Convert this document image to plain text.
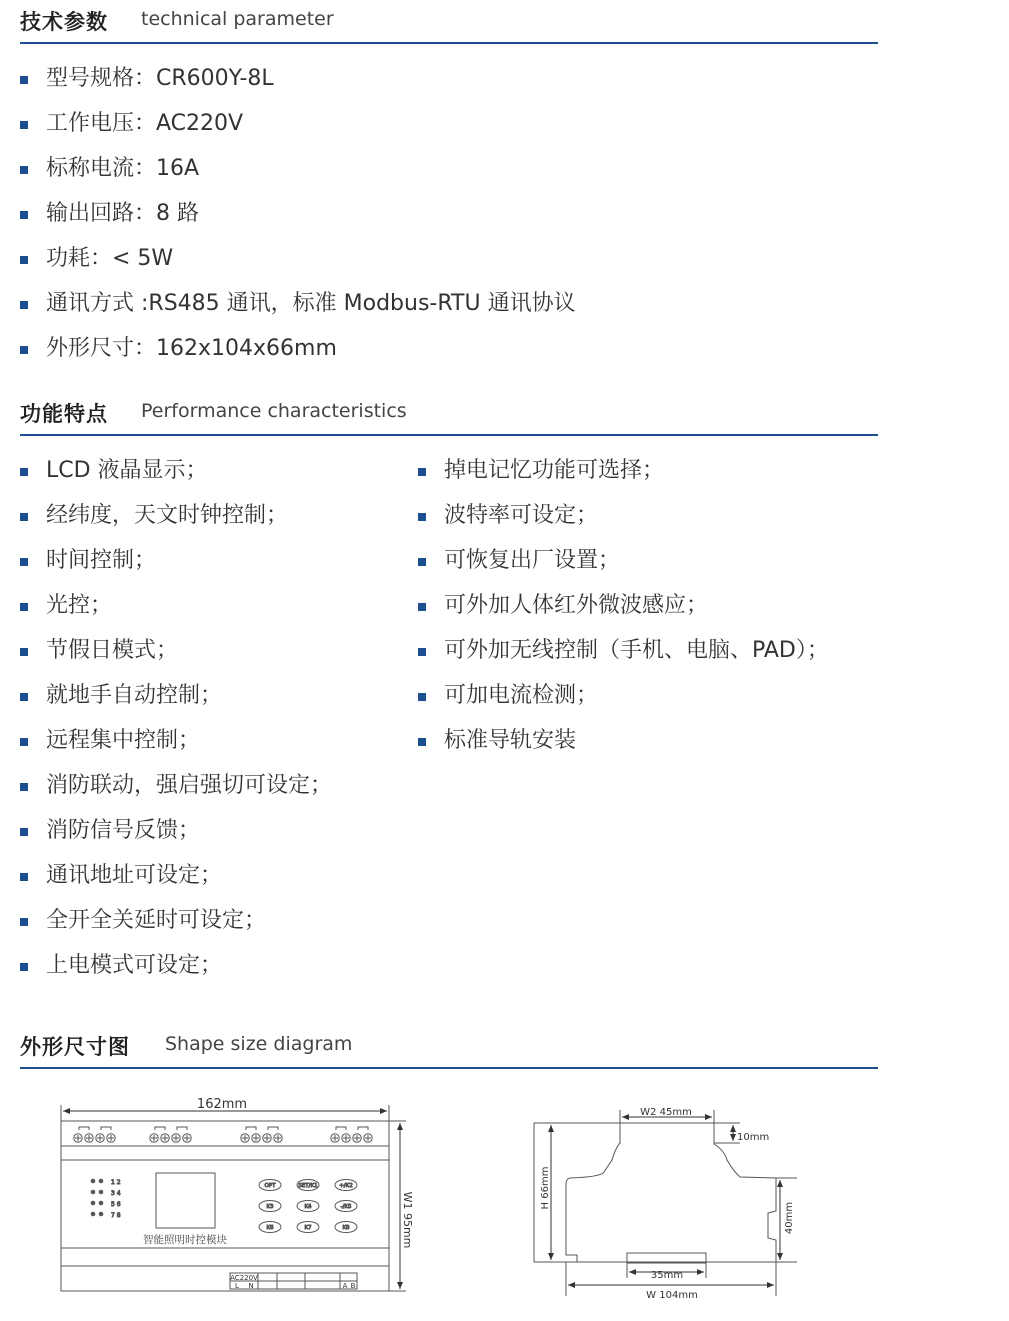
技术参数 technical parameter
型号规格：CR600Y-8L
工作电压：AC220V
标称电流：16A
输出回路：8 路
功耗：< 5W
通讯方式 :RS485 通讯，标准 Modbus-RTU 通讯协议
外形尺寸：162x104x66mm
功能特点 Performance characteristics
LCD 液晶显示；
经纬度，天文时钟控制；
时间控制；
光控；
节假日模式；
就地手自动控制；
远程集中控制；
消防联动，强启强切可设定；
消防信号反馈；
通讯地址可设定；
全开全关延时可设定；
上电模式可设定；
掉电记忆功能可选择；
波特率可设定；
可恢复出厂设置；
可外加人体红外微波感应；
可外加无线控制（手机、电脑、PAD）；
可加电流检测；
标准导轨安装
外形尺寸图 Shape size diagram
智能照明时控模块
1 2
3 4
5 6
7 8
OPT	SET/K1	+/K2
K3	K4	-/K5
K6	K7	K8
AC220V
L N	A B
162mm
W1 95mm
W2 45mm
10mm
H 66mm
40mm
35mm
W 104mm
